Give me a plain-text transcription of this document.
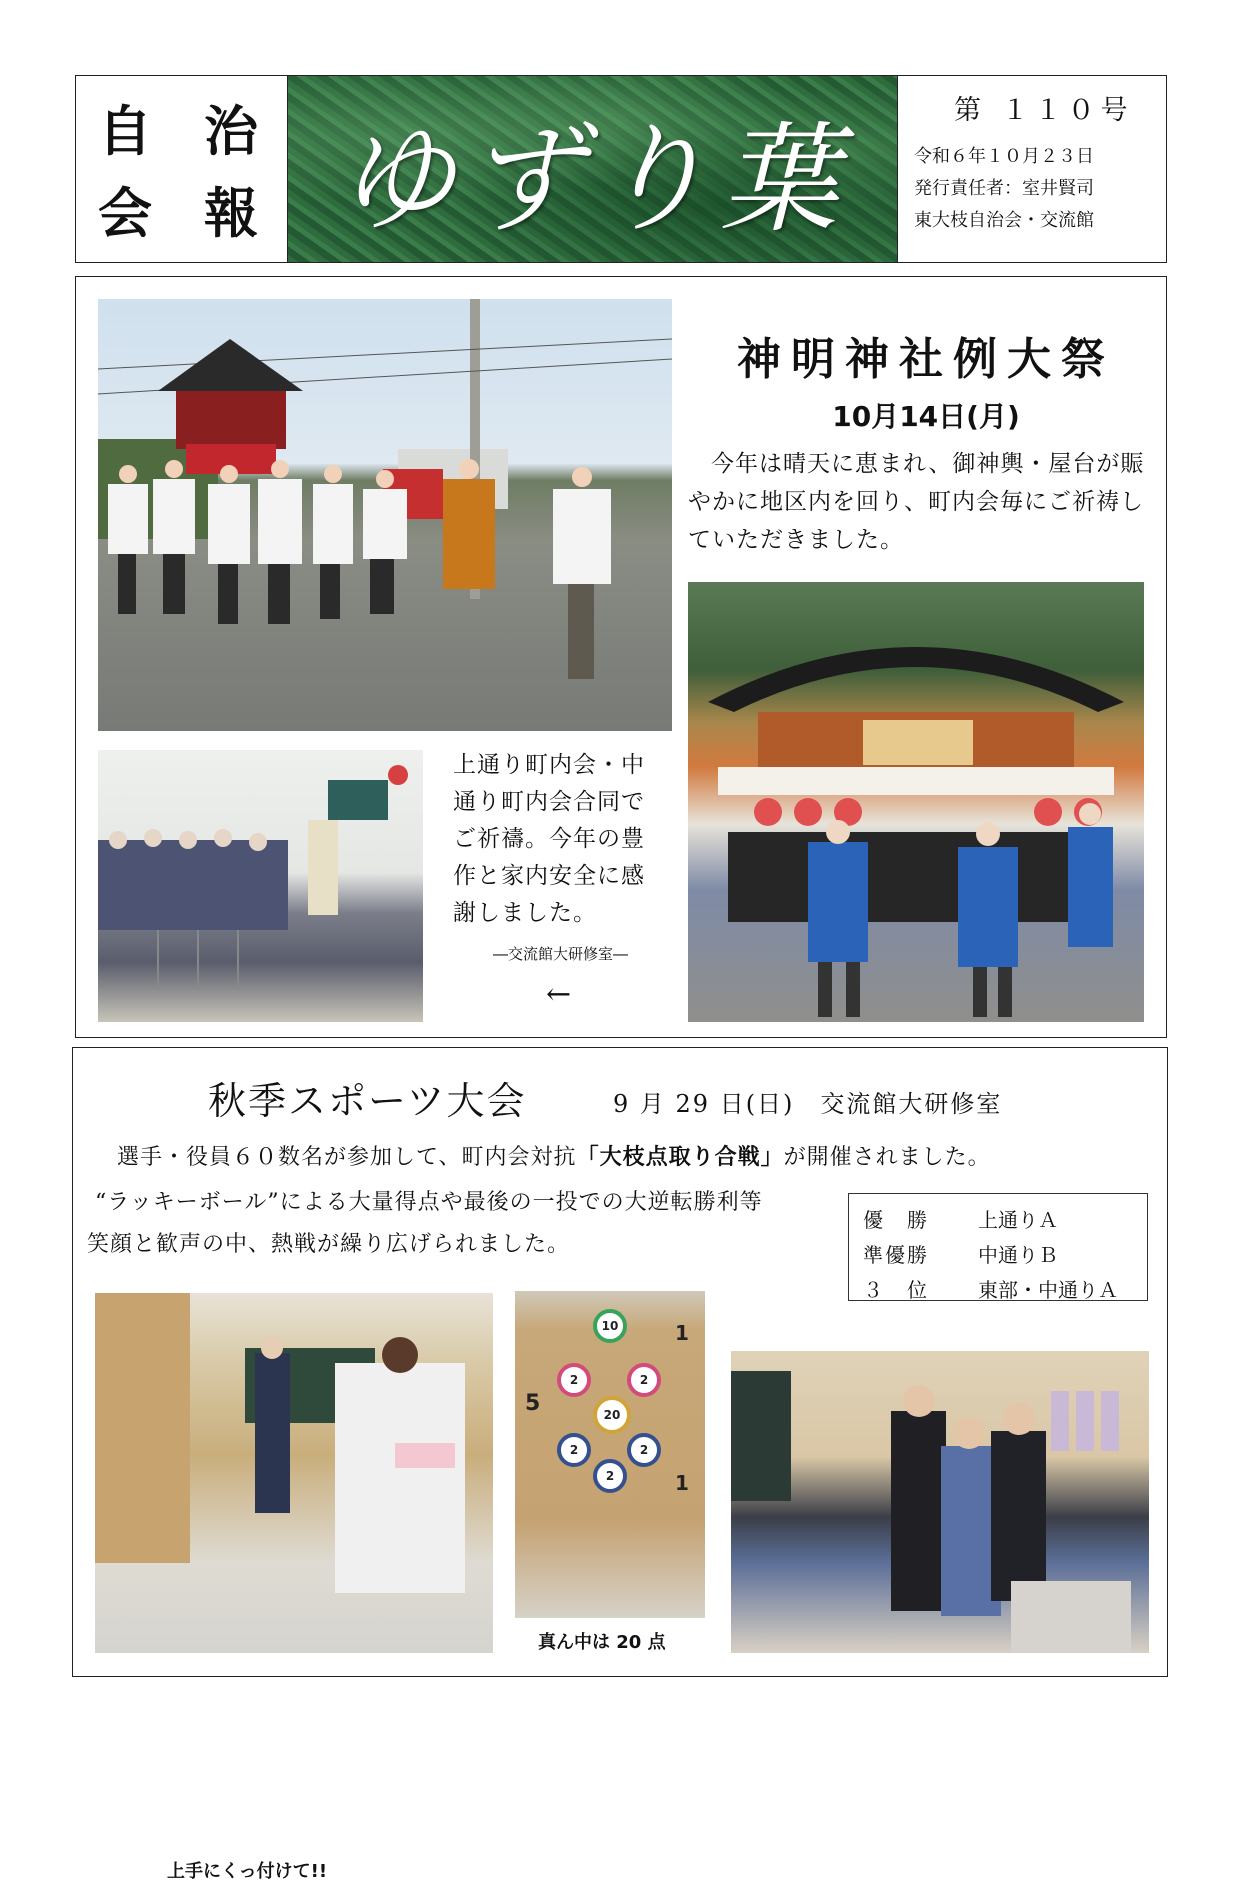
自 治
会 報 ゆずり葉	第 １１０号
令和６年１０月２３日
発行責任者：室井賢司
東大枝自治会・交流館
神明神社例大祭
10月14日(月)
今年は晴天に恵まれ、御神輿・屋台が賑やかに地区内を回り、町内会毎にご祈祷していただきました。
上通り町内会・中通り町内会合同でご祈禱。今年の豊作と家内安全に感謝しました。
―交流館大研修室―
←
秋季スポーツ大会	9 月 29 日(日)　交流館大研修室
選手・役員６０数名が参加して、町内会対抗「大枝点取り合戦」が開催されました。
“ラッキーボール”による大量得点や最後の一投での大逆転勝利等
笑顔と歓声の中、熱戦が繰り広げられました。
優　勝	上通りＡ
準優勝	中通りＢ
３　位	東部・中通りＡ
上手にくっ付けて!!
10
2	2
2
20
2
2
5
1
1
真ん中は 20 点
